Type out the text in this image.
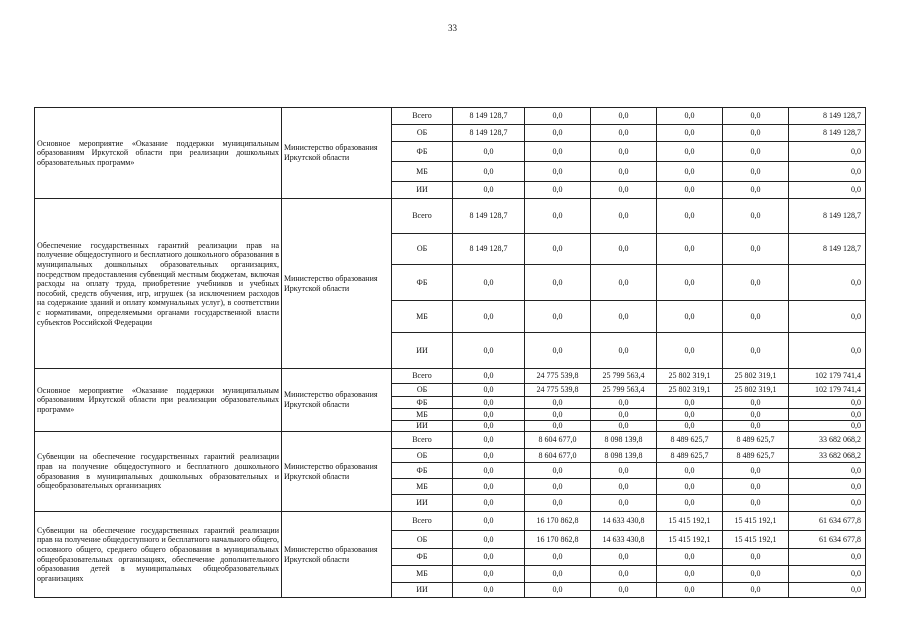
33
Основное мероприятие «Оказание поддержки муниципальным образованиям Иркутской области при реализации дошкольных образовательных программ»	Министерство образования Иркутской области	Всего	8 149 128,7	0,0	0,0	0,0	0,0	8 149 128,7
		ОБ	8 149 128,7	0,0	0,0	0,0	0,0	8 149 128,7
		ФБ	0,0	0,0	0,0	0,0	0,0	0,0
		МБ	0,0	0,0	0,0	0,0	0,0	0,0
		ИИ	0,0	0,0	0,0	0,0	0,0	0,0
Обеспечение государственных гарантий реализации прав на получение общедоступного и бесплатного дошкольного образования в муниципальных дошкольных образовательных организациях, посредством предоставления субвенций местным бюджетам, включая расходы на оплату труда, приобретение учебников и учебных пособий, средств обучения, игр, игрушек (за исключением расходов на содержание зданий и оплату коммунальных услуг), в соответствии с нормативами, определяемыми органами государственной власти субъектов Российской Федерации	Министерство образования Иркутской области	Всего	8 149 128,7	0,0	0,0	0,0	0,0	8 149 128,7
		ОБ	8 149 128,7	0,0	0,0	0,0	0,0	8 149 128,7
		ФБ	0,0	0,0	0,0	0,0	0,0	0,0
		МБ	0,0	0,0	0,0	0,0	0,0	0,0
		ИИ	0,0	0,0	0,0	0,0	0,0	0,0
Основное мероприятие «Оказание поддержки муниципальным образованиям Иркутской области при реализации образовательных программ»	Министерство образования Иркутской области	Всего	0,0	24 775 539,8	25 799 563,4	25 802 319,1	25 802 319,1	102 179 741,4
		ОБ	0,0	24 775 539,8	25 799 563,4	25 802 319,1	25 802 319,1	102 179 741,4
		ФБ	0,0	0,0	0,0	0,0	0,0	0,0
		МБ	0,0	0,0	0,0	0,0	0,0	0,0
		ИИ	0,0	0,0	0,0	0,0	0,0	0,0
Субвенции на обеспечение государственных гарантий реализации прав на получение общедоступного и бесплатного дошкольного образования в муниципальных дошкольных образовательных и общеобразовательных организациях	Министерство образования Иркутской области	Всего	0,0	8 604 677,0	8 098 139,8	8 489 625,7	8 489 625,7	33 682 068,2
		ОБ	0,0	8 604 677,0	8 098 139,8	8 489 625,7	8 489 625,7	33 682 068,2
		ФБ	0,0	0,0	0,0	0,0	0,0	0,0
		МБ	0,0	0,0	0,0	0,0	0,0	0,0
		ИИ	0,0	0,0	0,0	0,0	0,0	0,0
Субвенции на обеспечение государственных гарантий реализации прав на получение общедоступного и бесплатного начального общего, основного общего, среднего общего образования в муниципальных общеобразовательных организациях, обеспечение дополнительного образования детей в муниципальных общеобразовательных организациях	Министерство образования Иркутской области	Всего	0,0	16 170 862,8	14 633 430,8	15 415 192,1	15 415 192,1	61 634 677,8
		ОБ	0,0	16 170 862,8	14 633 430,8	15 415 192,1	15 415 192,1	61 634 677,8
		ФБ	0,0	0,0	0,0	0,0	0,0	0,0
		МБ	0,0	0,0	0,0	0,0	0,0	0,0
		ИИ	0,0	0,0	0,0	0,0	0,0	0,0
